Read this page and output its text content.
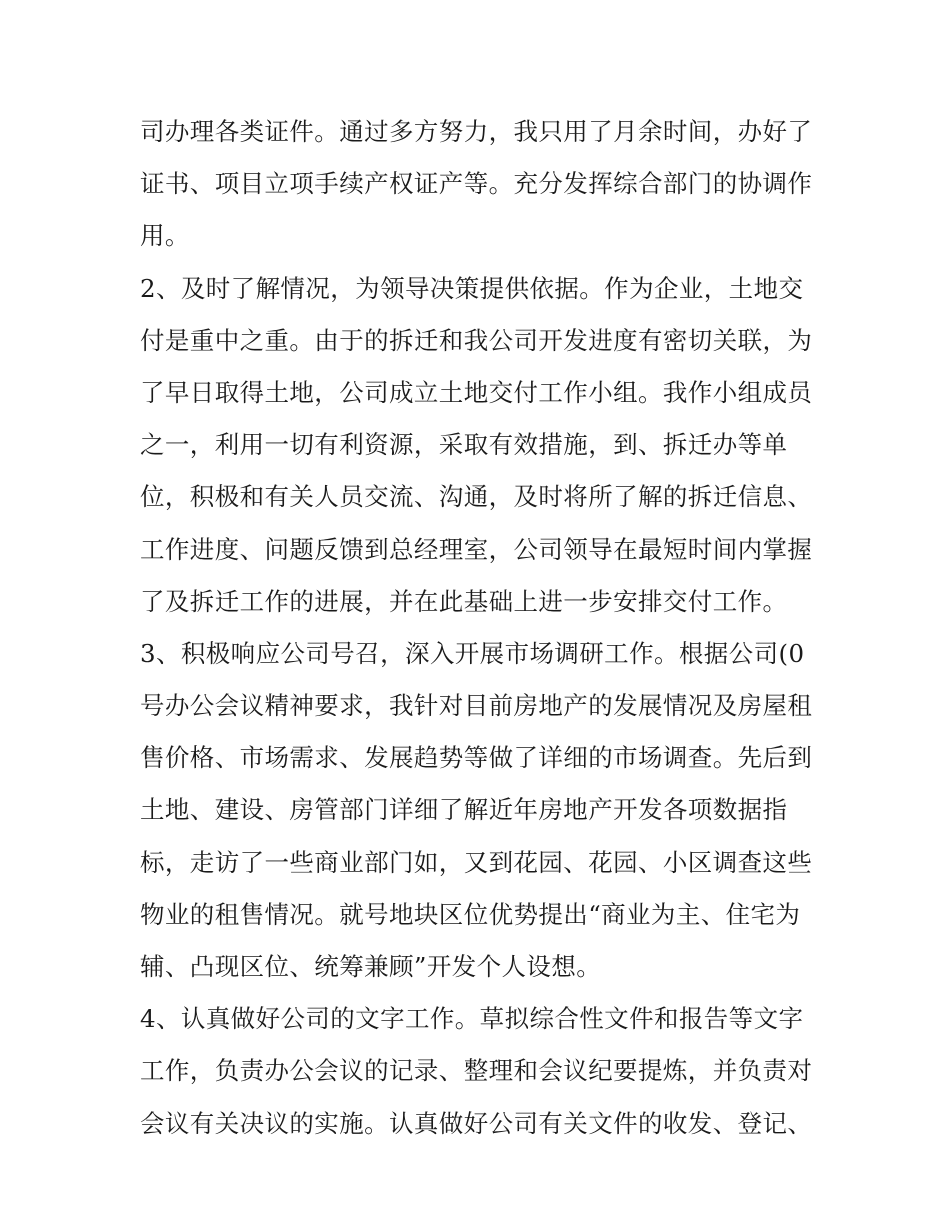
司办理各类证件。通过多方努力，我只用了月余时间，办好了
证书、项目立项手续产权证产等。充分发挥综合部门的协调作
用。
2、及时了解情况，为领导决策提供依据。作为企业，土地交
付是重中之重。由于的拆迁和我公司开发进度有密切关联，为
了早日取得土地，公司成立土地交付工作小组。我作小组成员
之一，利用一切有利资源，采取有效措施，到、拆迁办等单
位，积极和有关人员交流、沟通，及时将所了解的拆迁信息、
工作进度、问题反馈到总经理室，公司领导在最短时间内掌握
了及拆迁工作的进展，并在此基础上进一步安排交付工作。
3、积极响应公司号召，深入开展市场调研工作。根据公司(0
号办公会议精神要求，我针对目前房地产的发展情况及房屋租
售价格、市场需求、发展趋势等做了详细的市场调查。先后到
土地、建设、房管部门详细了解近年房地产开发各项数据指
标，走访了一些商业部门如，又到花园、花园、小区调查这些
物业的租售情况。就号地块区位优势提出“商业为主、住宅为
辅、凸现区位、统筹兼顾”开发个人设想。
4、认真做好公司的文字工作。草拟综合性文件和报告等文字
工作，负责办公会议的记录、整理和会议纪要提炼，并负责对
会议有关决议的实施。认真做好公司有关文件的收发、登记、
